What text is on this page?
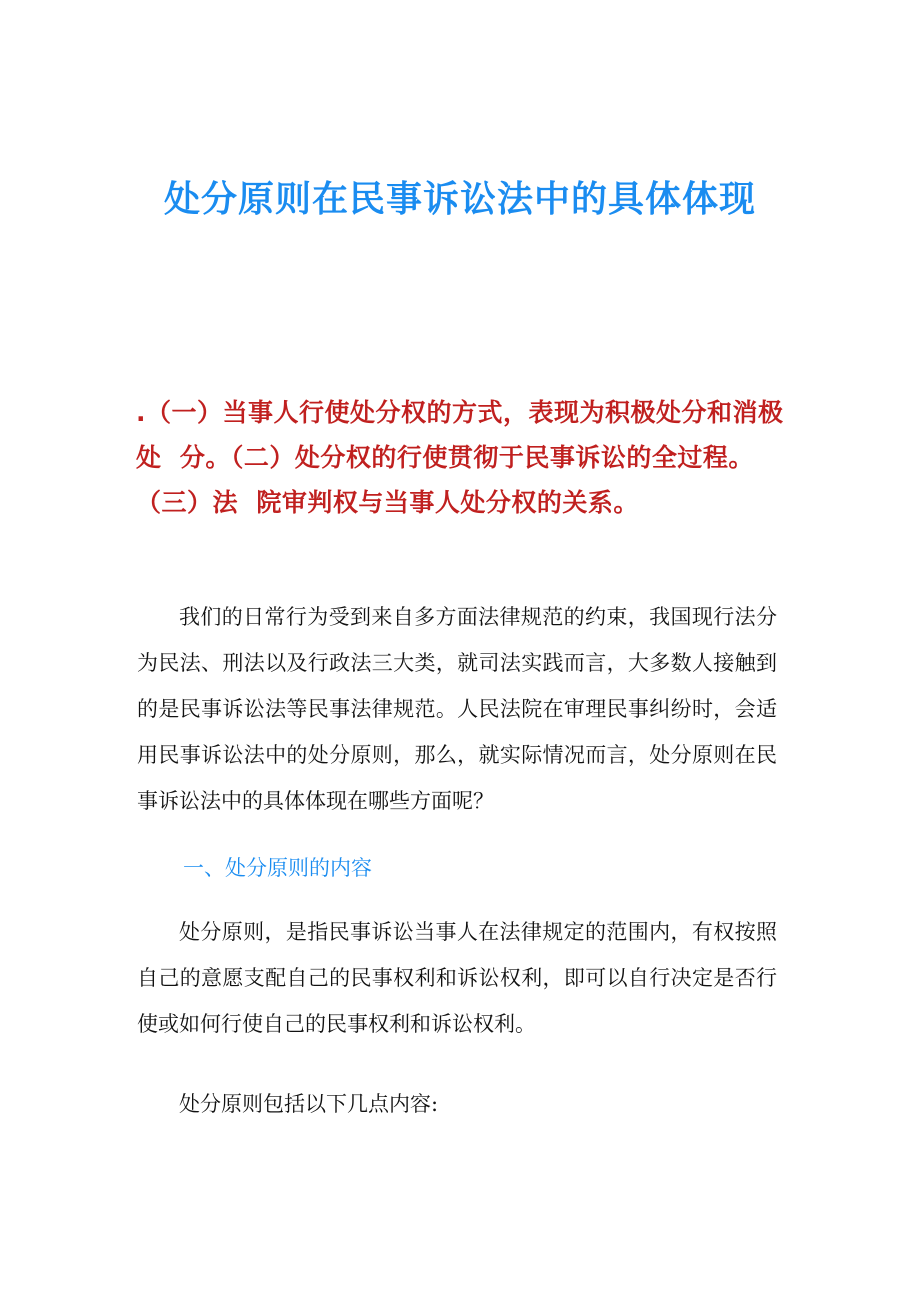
处分原则在民事诉讼法中的具体体现
.（一）当事人行使处分权的方式，表现为积极处分和消极处  分。（二）处分权的行使贯彻于民事诉讼的全过程。（三）法  院审判权与当事人处分权的关系。

我们的日常行为受到来自多方面法律规范的约束，我国现行法分为民法、刑法以及行政法三大类，就司法实践而言，大多数人接触到的是民事诉讼法等民事法律规范。人民法院在审理民事纠纷时，会适用民事诉讼法中的处分原则，那么，就实际情况而言，处分原则在民事诉讼法中的具体体现在哪些方面呢？

一、处分原则的内容

处分原则，是指民事诉讼当事人在法律规定的范围内，有权按照自己的意愿支配自己的民事权利和诉讼权利，即可以自行决定是否行使或如何行使自己的民事权利和诉讼权利。

处分原则包括以下几点内容:
